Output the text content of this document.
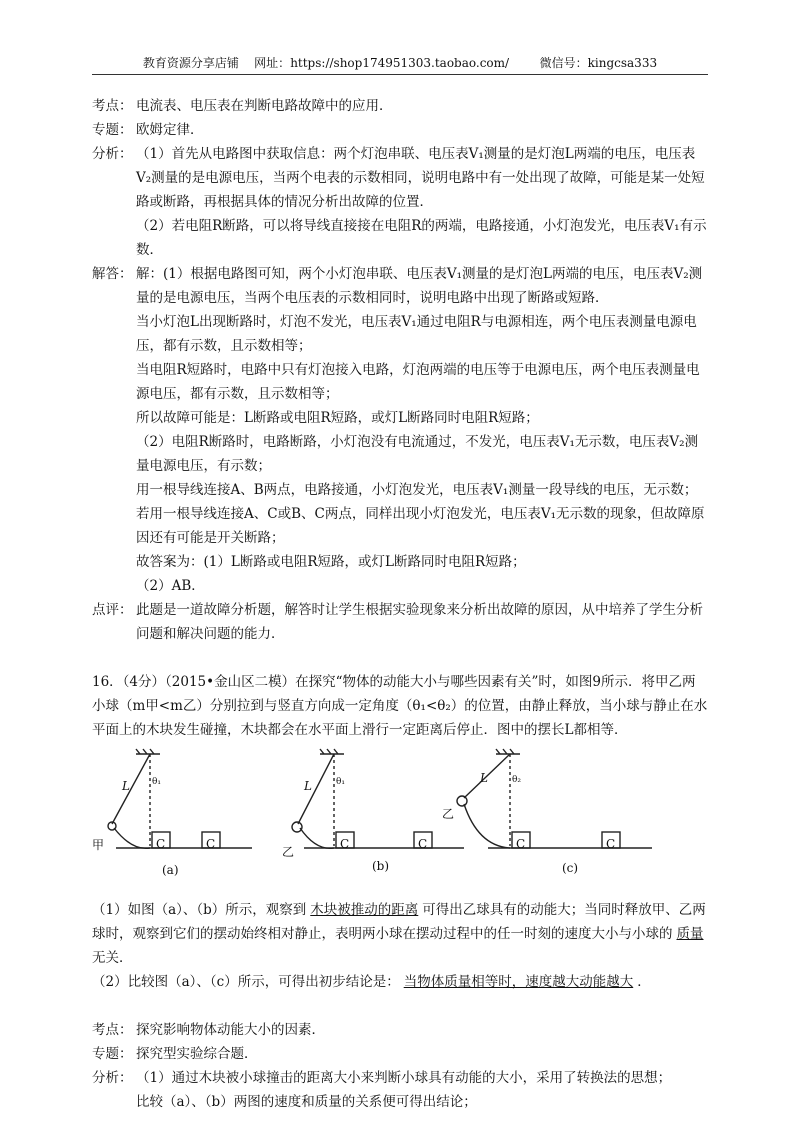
教育资源分享店铺 网址：https://shop174951303.taobao.com/	微信号：kingcsa333
考点： 电流表、电压表在判断电路故障中的应用．
专题： 欧姆定律．
分析： （1）首先从电路图中获取信息：两个灯泡串联、电压表V₁测量的是灯泡L两端的电压，电压表V₂测量的是电源电压，当两个电表的示数相同，说明电路中有一处出现了故障，可能是某一处短路或断路，再根据具体的情况分析出故障的位置．
（2）若电阻R断路，可以将导线直接接在电阻R的两端，电路接通，小灯泡发光，电压表V₁有示数．
解答： 解：(1）根据电路图可知，两个小灯泡串联、电压表V₁测量的是灯泡L两端的电压，电压表V₂测量的是电源电压，当两个电压表的示数相同时，说明电路中出现了断路或短路．
当小灯泡L出现断路时，灯泡不发光，电压表V₁通过电阻R与电源相连，两个电压表测量电源电压，都有示数，且示数相等；
当电阻R短路时，电路中只有灯泡接入电路，灯泡两端的电压等于电源电压，两个电压表测量电源电压，都有示数，且示数相等；
所以故障可能是：L断路或电阻R短路，或灯L断路同时电阻R短路；
（2）电阻R断路时，电路断路，小灯泡没有电流通过，不发光，电压表V₁无示数，电压表V₂测量电源电压，有示数；
用一根导线连接A、B两点，电路接通，小灯泡发光，电压表V₁测量一段导线的电压，无示数；
若用一根导线连接A、C或B、C两点，同样出现小灯泡发光，电压表V₁无示数的现象，但故障原因还有可能是开关断路；
故答案为：(1）L断路或电阻R短路，或灯L断路同时电阻R短路；
（2）AB．
点评： 此题是一道故障分析题，解答时让学生根据实验现象来分析出故障的原因，从中培养了学生分析问题和解决问题的能力．
16．（4分）（2015•金山区二模）在探究“物体的动能大小与哪些因素有关”时，如图9所示．将甲乙两小球（m甲<m乙）分别拉到与竖直方向成一定角度（θ₁<θ₂）的位置，由静止释放，当小球与静止在水平面上的木块发生碰撞，木块都会在水平面上滑行一定距离后停止．图中的摆长L都相等．
甲
L θ₁
C	C
乙
L	θ₁
C	C
乙
L	θ₂
C	C
(a)	(b)	(c)
（1）如图（a）、（b）所示，观察到 木块被推动的距离 可得出乙球具有的动能大；当同时释放甲、乙两球时，观察到它们的摆动始终相对静止，表明两小球在摆动过程中的任一时刻的速度大小与小球的 质量无关．
（2）比较图（a）、（c）所示，可得出初步结论是： 当物体质量相等时，速度越大动能越大 ．
考点： 探究影响物体动能大小的因素．
专题： 探究型实验综合题．
分析： （1）通过木块被小球撞击的距离大小来判断小球具有动能的大小，采用了转换法的思想；
比较（a）、（b）两图的速度和质量的关系便可得出结论；
